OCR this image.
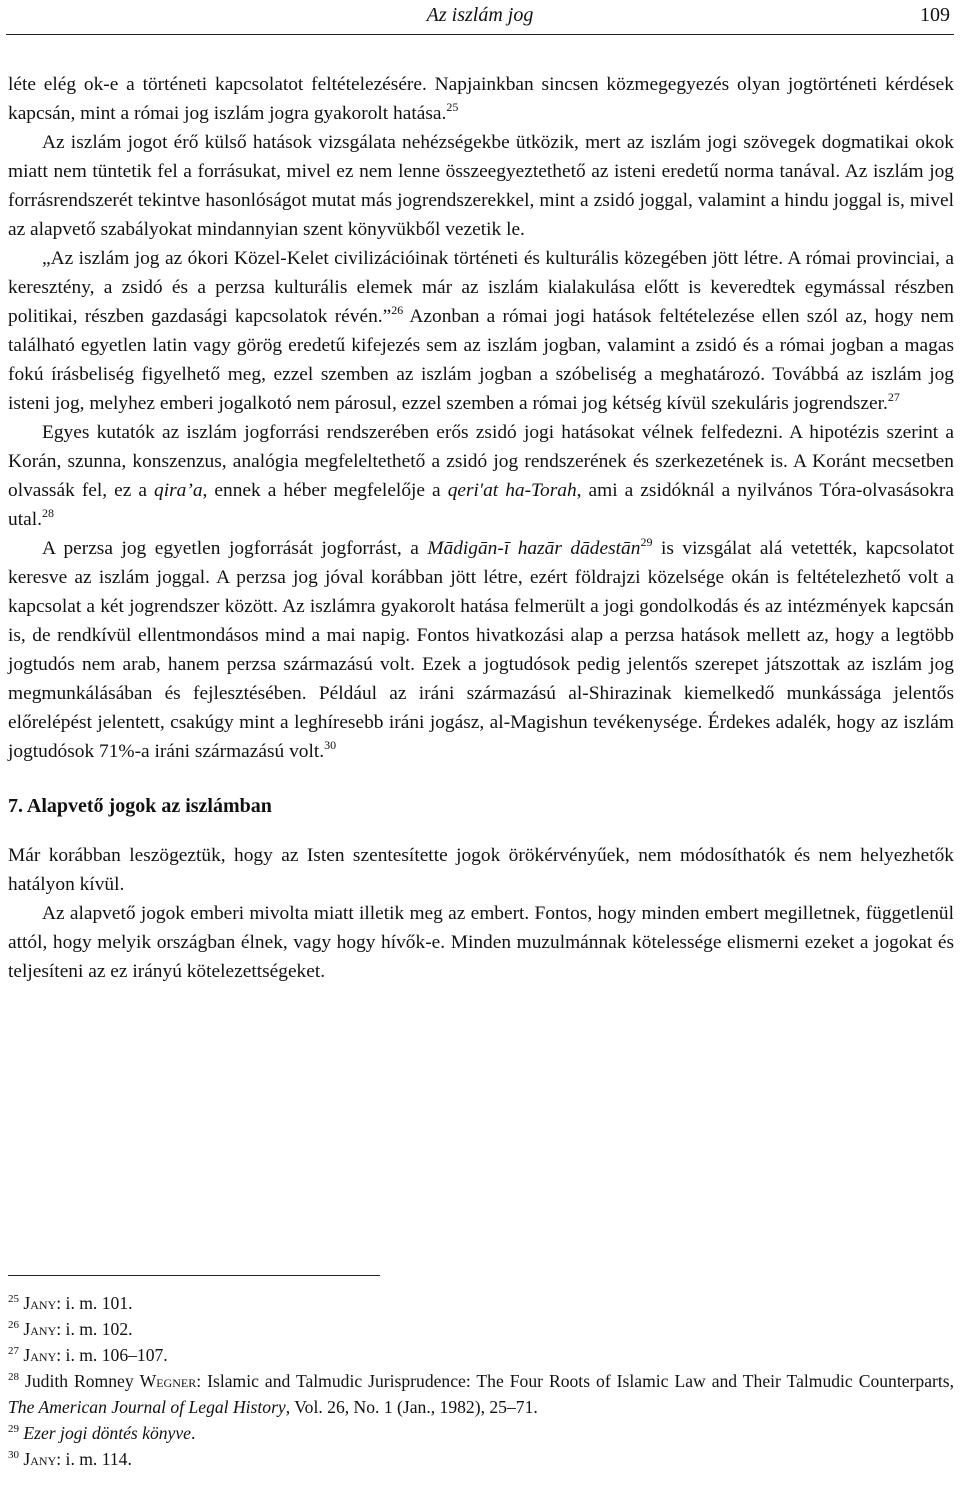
Az iszlám jog	109

léte elég ok-e a történeti kapcsolatot feltételezésére. Napjainkban sincsen közmegegyezés olyan jogtörténeti kérdések kapcsán, mint a római jog iszlám jogra gyakorolt hatása.$^{25}$

Az iszlám jogot érő külső hatások vizsgálata nehézségekbe ütközik, mert az iszlám jogi szövegek dogmatikai okok miatt nem tüntetik fel a forrásukat, mivel ez nem lenne összeegyeztethető az isteni eredetű norma tanával. Az iszlám jog forrásrendszerét tekintve hasonlóságot mutat más jogrendszerekkel, mint a zsidó joggal, valamint a hindu joggal is, mivel az alapvető szabályokat mindannyian szent könyvükből vezetik le.

„Az iszlám jog az ókori Közel-Kelet civilizációinak történeti és kulturális közegében jött létre. A római provinciai, a keresztény, a zsidó és a perzsa kulturális elemek már az iszlám kialakulása előtt is keveredtek egymással részben politikai, részben gazdasági kapcsolatok révén.”$^{26}$ Azonban a római jogi hatások feltételezése ellen szól az, hogy nem található egyetlen latin vagy görög eredetű kifejezés sem az iszlám jogban, valamint a zsidó és a római jogban a magas fokú írásbeliség figyelhető meg, ezzel szemben az iszlám jogban a szóbeliség a meghatározó. Továbbá az iszlám jog isteni jog, melyhez emberi jogalkotó nem párosul, ezzel szemben a római jog kétség kívül szekuláris jogrendszer.$^{27}$

Egyes kutatók az iszlám jogforrási rendszerében erős zsidó jogi hatásokat vélnek felfedezni. A hipotézis szerint a Korán, szunna, konszenzus, analógia megfeleltethető a zsidó jog rendszerének és szerkezetének is. A Koránt mecsetben olvassák fel, ez a qira’a, ennek a héber megfelelője a qeri'at ha-Torah, ami a zsidóknál a nyilvános Tóra-olvasásokra utal.$^{28}$

A perzsa jog egyetlen jogforrását jogforrást, a Mādigān-ī hazār dādestān$^{29}$ is vizsgálat alá vetették, kapcsolatot keresve az iszlám joggal. A perzsa jog jóval korábban jött létre, ezért földrajzi közelsége okán is feltételezhető volt a kapcsolat a két jogrendszer között. Az iszlámra gyakorolt hatása felmerült a jogi gondolkodás és az intézmények kapcsán is, de rendkívül ellentmondásos mind a mai napig. Fontos hivatkozási alap a perzsa hatások mellett az, hogy a legtöbb jogtudós nem arab, hanem perzsa származású volt. Ezek a jogtudósok pedig jelentős szerepet játszottak az iszlám jog megmunkálásában és fejlesztésében. Például az iráni származású al-Shirazinak kiemelkedő munkássága jelentős előrelépést jelentett, csakúgy mint a leghíresebb iráni jogász, al-Magishun tevékenysége. Érdekes adalék, hogy az iszlám jogtudósok 71%-a iráni származású volt.$^{30}$

7. Alapvető jogok az iszlámban

Már korábban leszögeztük, hogy az Isten szentesítette jogok örökérvényűek, nem módosíthatók és nem helyezhetők hatályon kívül.

Az alapvető jogok emberi mivolta miatt illetik meg az embert. Fontos, hogy minden embert megilletnek, függetlenül attól, hogy melyik országban élnek, vagy hogy hívők-e. Minden muzulmánnak kötelessége elismerni ezeket a jogokat és teljesíteni az ez irányú kötelezettségeket.

$^{25}$ Jany: i. m. 101.

$^{26}$ Jany: i. m. 102.

$^{27}$ Jany: i. m. 106–107.

$^{28}$ Judith Romney Wegner: Islamic and Talmudic Jurisprudence: The Four Roots of Islamic Law and Their Talmudic Counterparts, The American Journal of Legal History, Vol. 26, No. 1 (Jan., 1982), 25–71.

$^{29}$ Ezer jogi döntés könyve.

$^{30}$ Jany: i. m. 114.
